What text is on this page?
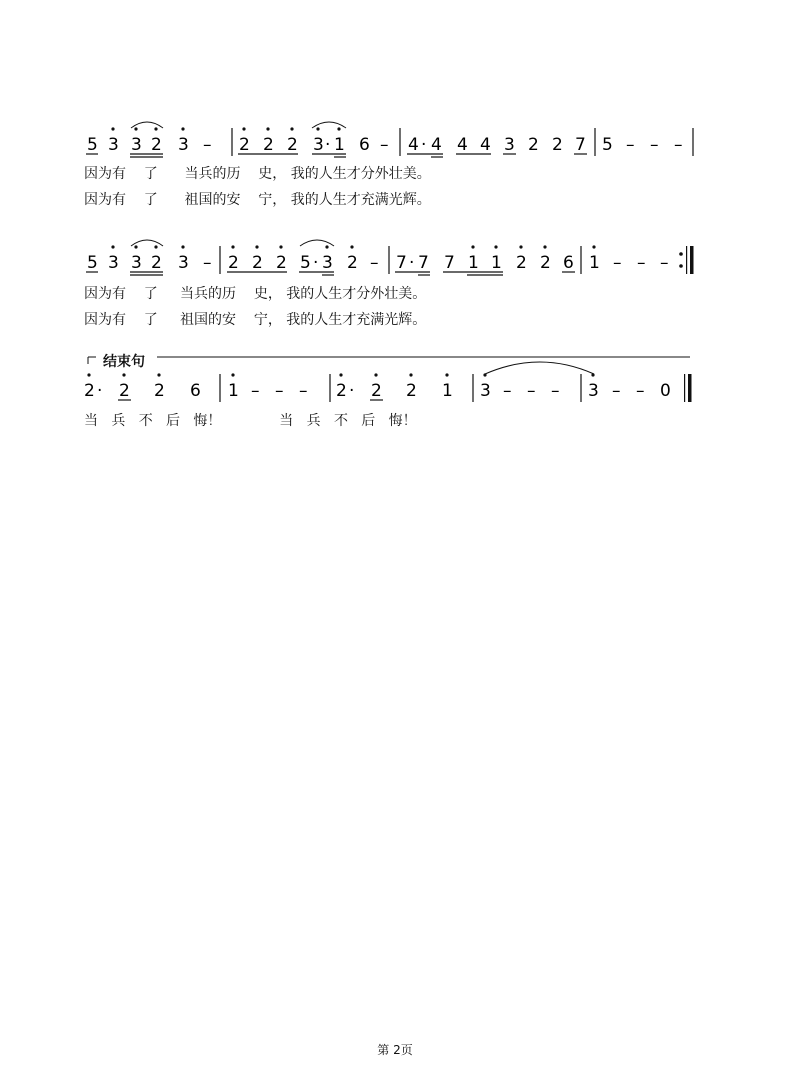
5 3 3 2 3 – 2 2 2 3 · 1 6 – 4 · 4 4 4 3 2 2 7 5 – – –
5 3 3 2 3 – 2 2 2 5 · 3 2 – 7 · 7 7 1 1 2 2 6 1 – – –
2 · 2 2 6 1 – – – 2 · 2 2 1 3 – – – 3 – – 0
因为有    了      当兵的历    史， 我的人生才分外壮美。
因为有    了      祖国的安    宁， 我的人生才充满光辉。
因为有    了     当兵的历    史， 我的人生才分外壮美。
因为有    了     祖国的安    宁， 我的人生才充满光辉。
结束句
当   兵   不   后   悔！             当   兵   不   后   悔！
第 2页
